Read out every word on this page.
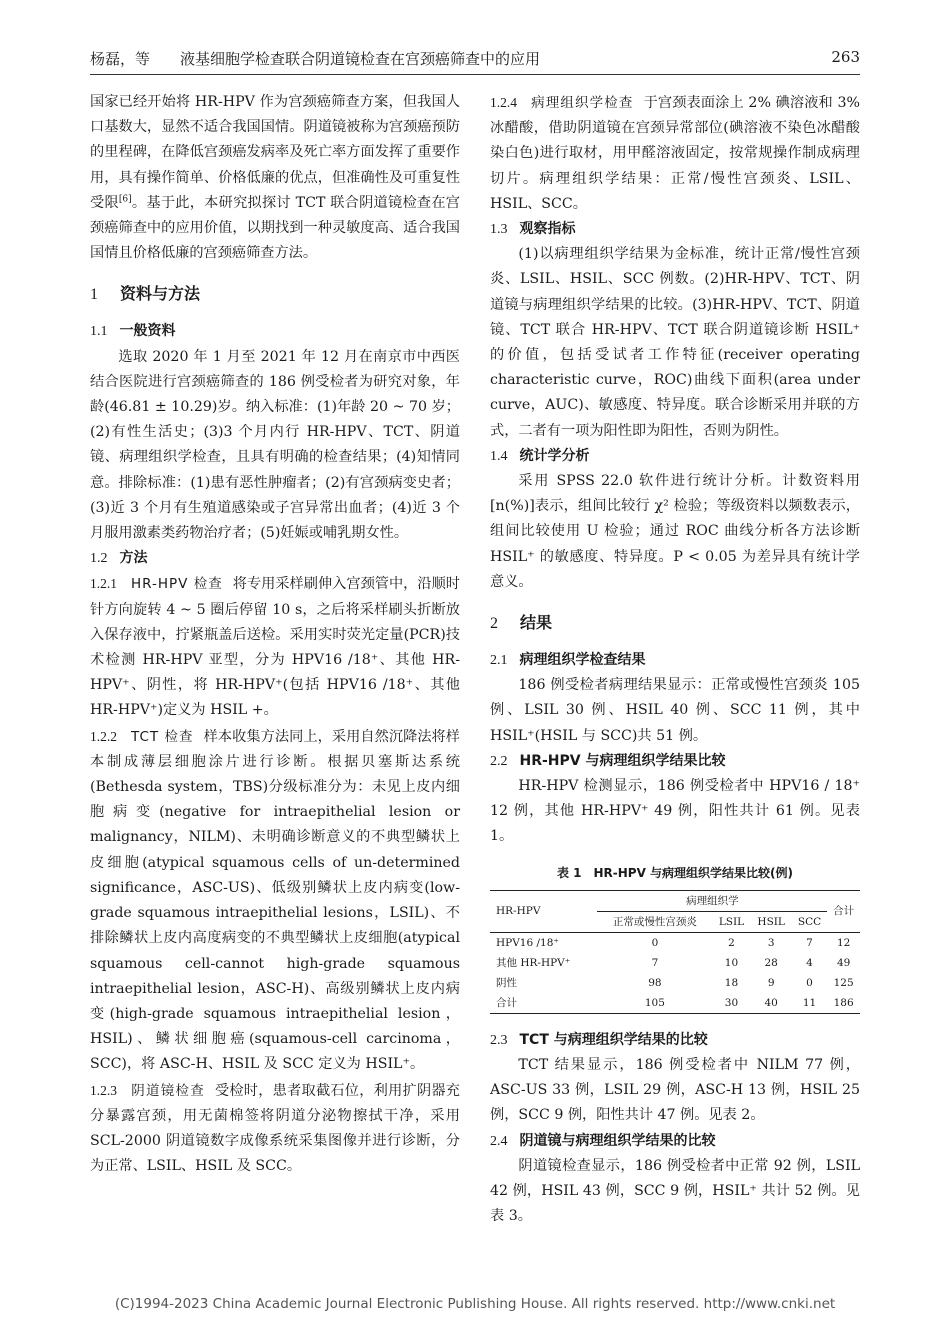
杨磊，等 液基细胞学检查联合阴道镜检查在宫颈癌筛查中的应用	263

国家已经开始将 HR-HPV 作为宫颈癌筛查方案，但我国人口基数大，显然不适合我国国情。阴道镜被称为宫颈癌预防的里程碑，在降低宫颈癌发病率及死亡率方面发挥了重要作用，具有操作简单、价格低廉的优点，但准确性及可重复性受限[6]。基于此，本研究拟探讨 TCT 联合阴道镜检查在宫颈癌筛查中的应用价值，以期找到一种灵敏度高、适合我国国情且价格低廉的宫颈癌筛查方法。

1 资料与方法
1.1 一般资料

选取 2020 年 1 月至 2021 年 12 月在南京市中西医结合医院进行宫颈癌筛查的 186 例受检者为研究对象，年龄(46.81 ± 10.29)岁。纳入标准：(1)年龄 20 ~ 70 岁；(2)有性生活史；(3)3 个月内行 HR-HPV、TCT、阴道镜、病理组织学检查，且具有明确的检查结果；(4)知情同意。排除标准：(1)患有恶性肿瘤者；(2)有宫颈病变史者；(3)近 3 个月有生殖道感染或子宫异常出血者；(4)近 3 个月服用激素类药物治疗者；(5)妊娠或哺乳期女性。

1.2 方法

1.2.1 HR-HPV 检查 将专用采样刷伸入宫颈管中，沿顺时针方向旋转 4 ~ 5 圈后停留 10 s，之后将采样刷头折断放入保存液中，拧紧瓶盖后送检。采用实时荧光定量(PCR)技术检测 HR-HPV 亚型，分为 HPV16 /18⁺、其他 HR-HPV⁺、阴性，将 HR-HPV⁺(包括 HPV16 /18⁺、其他 HR-HPV⁺)定义为 HSIL +。

1.2.2 TCT 检查 样本收集方法同上，采用自然沉降法将样本制成薄层细胞涂片进行诊断。根据贝塞斯达系统(Bethesda system，TBS)分级标准分为：未见上皮内细胞病变(negative for intraepithelial lesion or malignancy，NILM)、未明确诊断意义的不典型鳞状上皮细胞(atypical squamous cells of un-determined significance，ASC-US)、低级别鳞状上皮内病变(low-grade squamous intraepithelial lesions，LSIL)、不排除鳞状上皮内高度病变的不典型鳞状上皮细胞(atypical squamous cell-cannot high-grade squamous intraepithelial lesion，ASC-H)、高级别鳞状上皮内病变(high-grade squamous intraepithelial lesion，HSIL)、鳞状细胞癌(squamous-cell carcinoma，SCC)，将 ASC-H、HSIL 及 SCC 定义为 HSIL⁺。

1.2.3 阴道镜检查 受检时，患者取截石位，利用扩阴器充分暴露宫颈，用无菌棉签将阴道分泌物擦拭干净，采用 SCL-2000 阴道镜数字成像系统采集图像并进行诊断，分为正常、LSIL、HSIL 及 SCC。

1.2.4 病理组织学检查 于宫颈表面涂上 2% 碘溶液和 3% 冰醋酸，借助阴道镜在宫颈异常部位(碘溶液不染色冰醋酸染白色)进行取材，用甲醛溶液固定，按常规操作制成病理切片。病理组织学结果：正常/慢性宫颈炎、LSIL、HSIL、SCC。

1.3 观察指标

(1)以病理组织学结果为金标准，统计正常/慢性宫颈炎、LSIL、HSIL、SCC 例数。(2)HR-HPV、TCT、阴道镜与病理组织学结果的比较。(3)HR-HPV、TCT、阴道镜、TCT 联合 HR-HPV、TCT 联合阴道镜诊断 HSIL⁺ 的价值，包括受试者工作特征(receiver operating characteristic curve，ROC)曲线下面积(area under curve，AUC)、敏感度、特异度。联合诊断采用并联的方式，二者有一项为阳性即为阳性，否则为阴性。

1.4 统计学分析

采用 SPSS 22.0 软件进行统计分析。计数资料用[n(%)]表示，组间比较行 χ² 检验；等级资料以频数表示，组间比较使用 U 检验；通过 ROC 曲线分析各方法诊断 HSIL⁺ 的敏感度、特异度。P < 0.05 为差异具有统计学意义。

2 结果
2.1 病理组织学检查结果

186 例受检者病理结果显示：正常或慢性宫颈炎 105 例、LSIL 30 例、HSIL 40 例、SCC 11 例，其中 HSIL⁺(HSIL 与 SCC)共 51 例。

2.2 HR-HPV 与病理组织学结果比较

HR-HPV 检测显示，186 例受检者中 HPV16 / 18⁺ 12 例，其他 HR-HPV⁺ 49 例，阳性共计 61 例。见表 1。

表 1　HR-HPV 与病理组织学结果比较(例)
HR-HPV	病理组织学				合计
	正常或慢性宫颈炎	LSIL	HSIL	SCC	
HPV16 /18⁺	0	2	3	7	12
其他 HR-HPV⁺	7	10	28	4	49
阴性	98	18	9	0	125
合计	105	30	40	11	186
2.3 TCT 与病理组织学结果的比较

TCT 结果显示，186 例受检者中 NILM 77 例，ASC-US 33 例，LSIL 29 例，ASC-H 13 例，HSIL 25 例，SCC 9 例，阳性共计 47 例。见表 2。

2.4 阴道镜与病理组织学结果的比较

阴道镜检查显示，186 例受检者中正常 92 例，LSIL 42 例，HSIL 43 例，SCC 9 例，HSIL⁺ 共计 52 例。见表 3。

(C)1994-2023 China Academic Journal Electronic Publishing House. All rights reserved. http://www.cnki.net
